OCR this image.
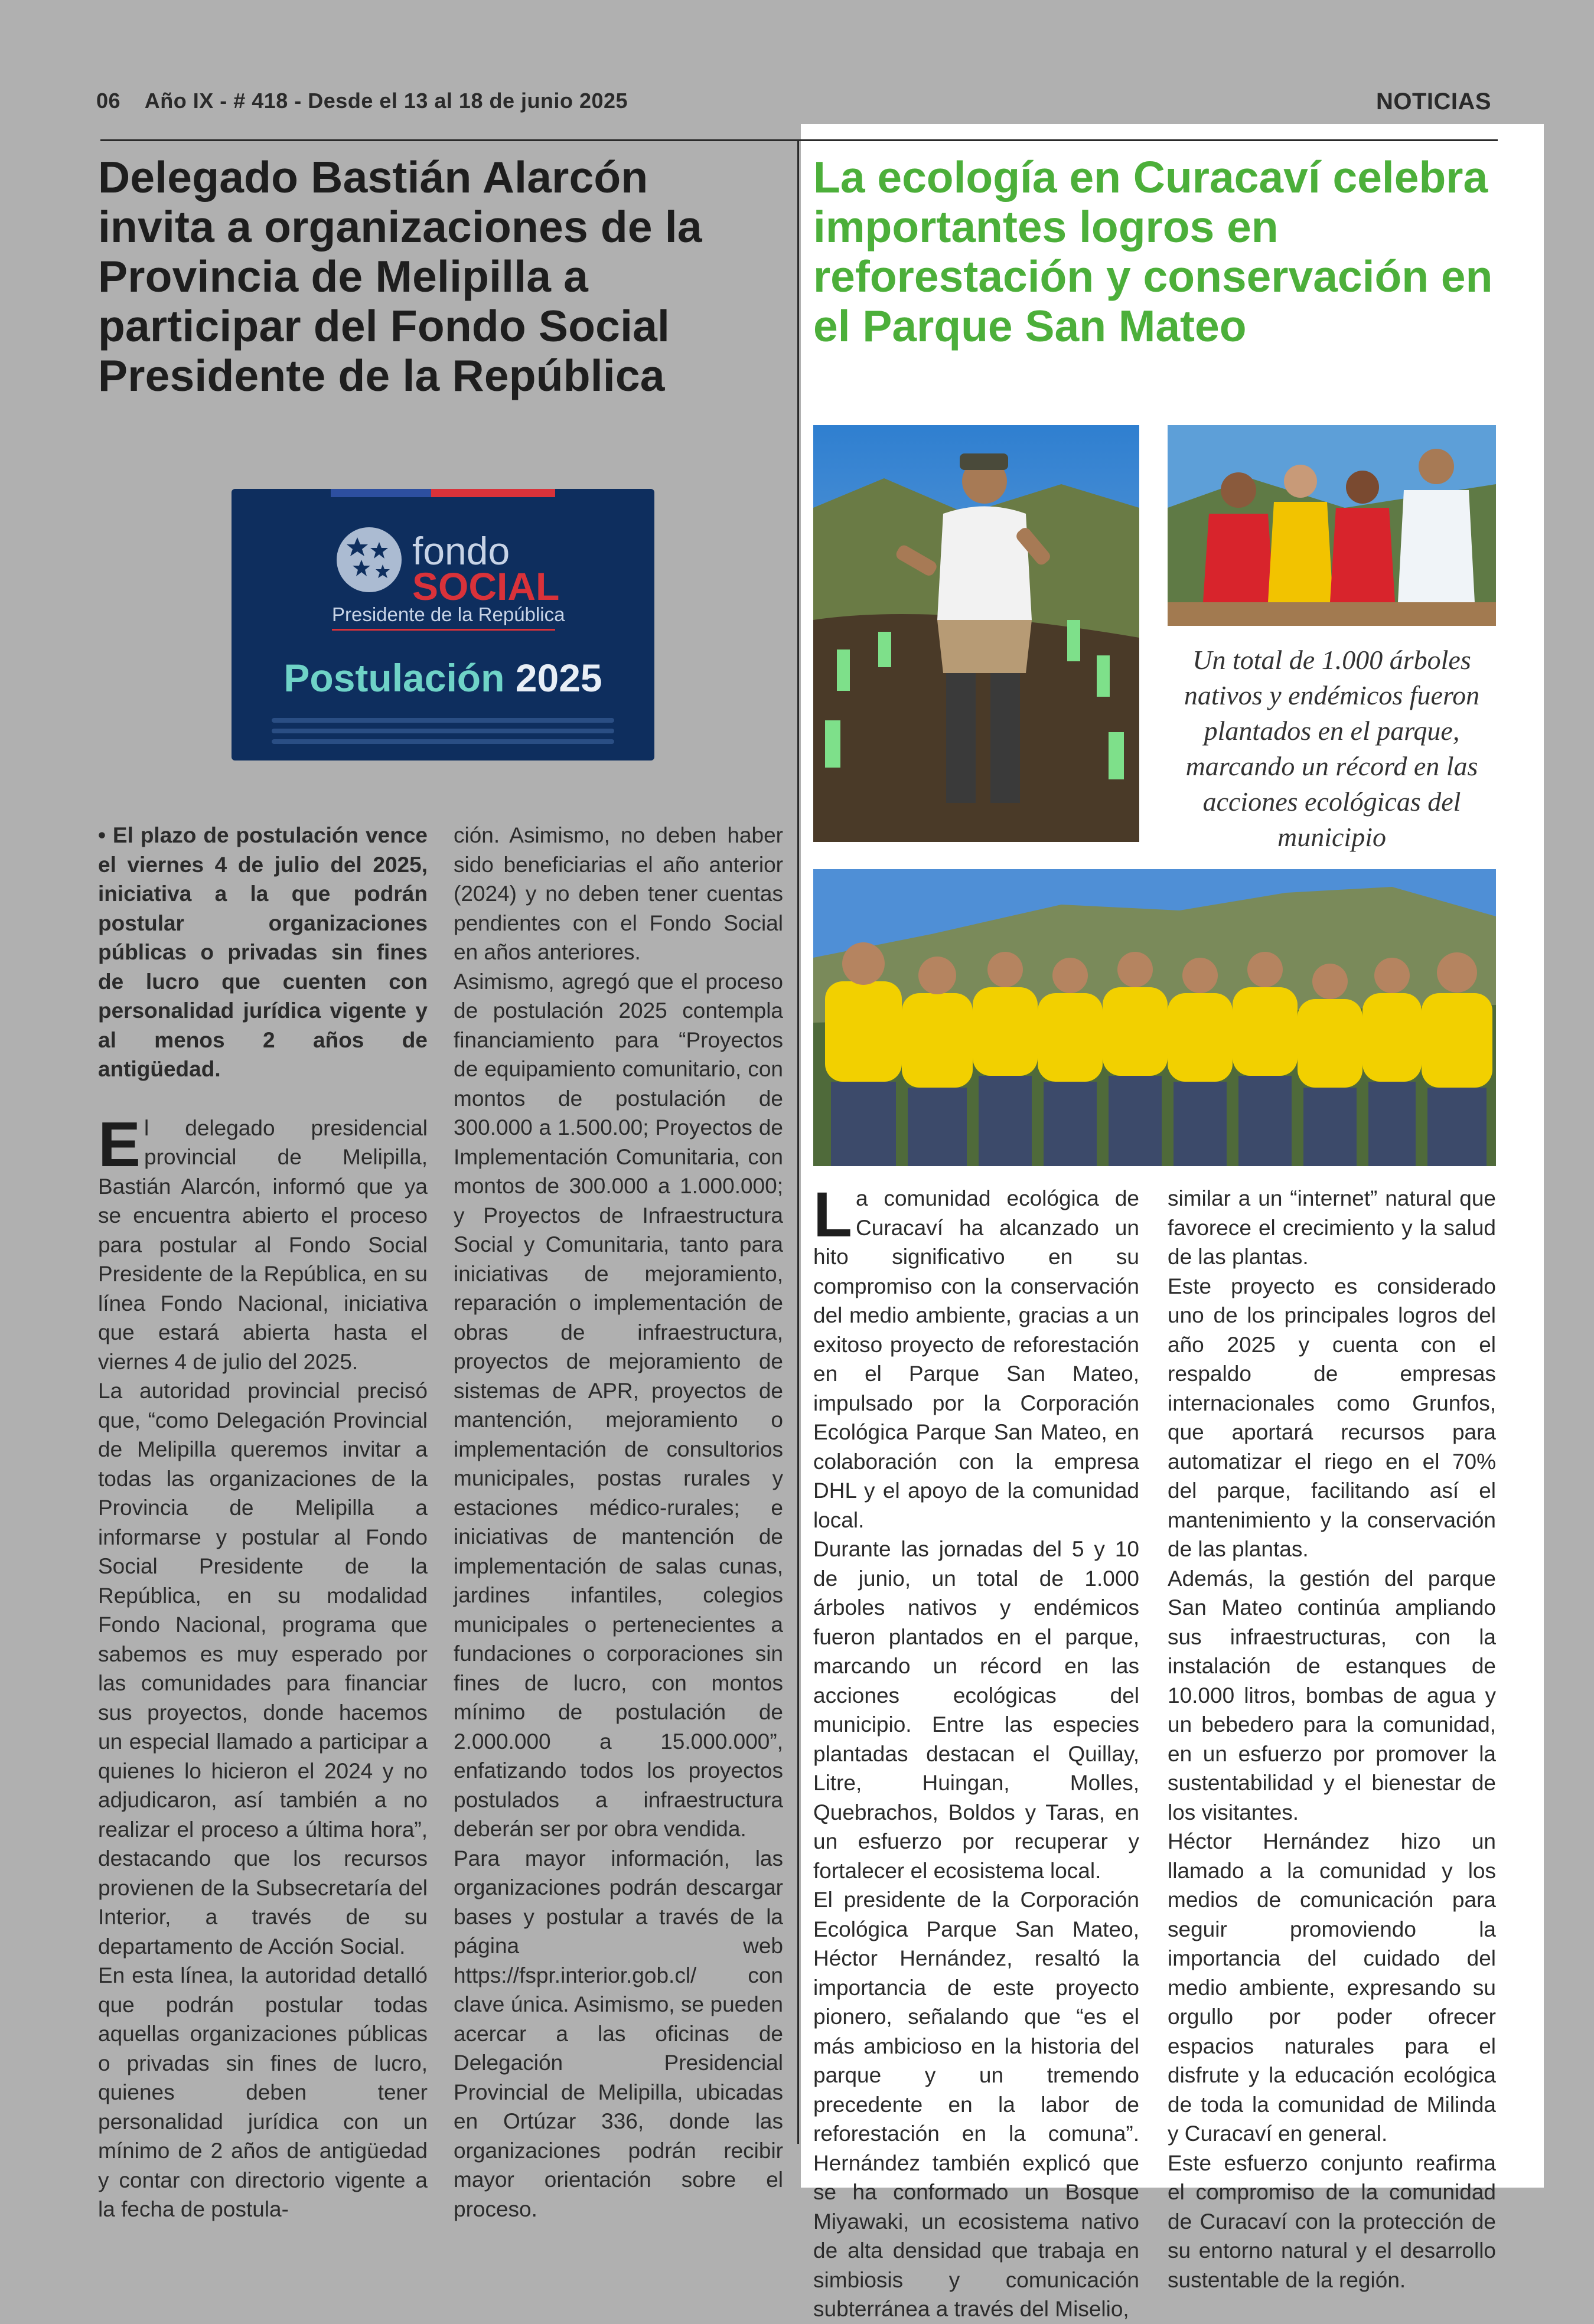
06    Año IX - # 418 - Desde el 13 al 18 de junio 2025	NOTICIAS
Delegado Bastián Alarcón invita a organizaciones de la Provincia de Melipilla a participar del Fondo Social Presidente de la República
fondo
SOCIAL
Presidente de la República
Postulación 2025

• El plazo de postulación vence el viernes 4 de julio del 2025, iniciativa a la que podrán postular organizaciones públicas o privadas sin fines de lucro que cuenten con personalidad jurídica vigente y al menos 2 años de antigüedad.

El delegado presidencial provincial de Melipilla, Bastián Alarcón, informó que ya se encuentra abierto el proceso para postular al Fondo Social Presidente de la República, en su línea Fondo Nacional, iniciativa que estará abierta hasta el viernes 4 de julio del 2025.

La autoridad provincial precisó que, “como Delegación Provincial de Melipilla queremos invitar a todas las organizaciones de la Provincia de Melipilla a informarse y postular al Fondo Social Presidente de la República, en su modalidad Fondo Nacional, programa que sabemos es muy esperado por las comunidades para financiar sus proyectos, donde hacemos un especial llamado a participar a quienes lo hicieron el 2024 y no adjudicaron, así también a no realizar el proceso a última hora”, destacando que los recursos provienen de la Subsecretaría del Interior, a través de su departamento de Acción Social.

En esta línea, la autoridad detalló que podrán postular todas aquellas organizaciones públicas o privadas sin fines de lucro, quienes deben tener personalidad jurídica con un mínimo de 2 años de antigüedad y contar con directorio vigente a la fecha de postula-

ción. Asimismo, no deben haber sido beneficiarias el año anterior (2024) y no deben tener cuentas pendientes con el Fondo Social en años anteriores.

Asimismo, agregó que el proceso de postulación 2025 contempla financiamiento para “Proyectos de equipamiento comunitario, con montos de postulación de 300.000 a 1.500.00; Proyectos de Implementación Comunitaria, con montos de 300.000 a 1.000.000; y Proyectos de Infraestructura Social y Comunitaria, tanto para iniciativas de mejoramiento, reparación o implementación de obras de infraestructura, proyectos de mejoramiento de sistemas de APR, proyectos de mantención, mejoramiento o implementación de consultorios municipales, postas rurales y estaciones médico-rurales; e iniciativas de mantención de implementación de salas cunas, jardines infantiles, colegios municipales o pertenecientes a fundaciones o corporaciones sin fines de lucro, con montos mínimo de postulación de 2.000.000 a 15.000.000”, enfatizando todos los proyectos postulados a infraestructura deberán ser por obra vendida.

Para mayor información, las organizaciones podrán descargar bases y postular a través de la página web https://fspr.interior.gob.cl/ con clave única. Asimismo, se pueden acercar a las oficinas de Delegación Presidencial Provincial de Melipilla, ubicadas en Ortúzar 336, donde las organizaciones podrán recibir mayor orientación sobre el proceso.

La ecología en Curacaví celebra importantes logros en reforestación y conservación en el Parque San Mateo
Un total de 1.000 árboles nativos y endémicos fueron plantados en el parque, marcando un récord en las acciones ecológicas del municipio

La comunidad ecológica de Curacaví ha alcanzado un hito significativo en su compromiso con la conservación del medio ambiente, gracias a un exitoso proyecto de reforestación en el Parque San Mateo, impulsado por la Corporación Ecológica Parque San Mateo, en colaboración con la empresa DHL y el apoyo de la comunidad local.

Durante las jornadas del 5 y 10 de junio, un total de 1.000 árboles nativos y endémicos fueron plantados en el parque, marcando un récord en las acciones ecológicas del municipio. Entre las especies plantadas destacan el Quillay, Litre, Huingan, Molles, Quebrachos, Boldos y Taras, en un esfuerzo por recuperar y fortalecer el ecosistema local.

El presidente de la Corporación Ecológica Parque San Mateo, Héctor Hernández, resaltó la importancia de este proyecto pionero, señalando que “es el más ambicioso en la historia del parque y un tremendo precedente en la labor de reforestación en la comuna”. Hernández también explicó que se ha conformado un Bosque Miyawaki, un ecosistema nativo de alta densidad que trabaja en simbiosis y comunicación subterránea a través del Miselio,

similar a un “internet” natural que favorece el crecimiento y la salud de las plantas.

Este proyecto es considerado uno de los principales logros del año 2025 y cuenta con el respaldo de empresas internacionales como Grunfos, que aportará recursos para automatizar el riego en el 70% del parque, facilitando así el mantenimiento y la conservación de las plantas.

Además, la gestión del parque San Mateo continúa ampliando sus infraestructuras, con la instalación de estanques de 10.000 litros, bombas de agua y un bebedero para la comunidad, en un esfuerzo por promover la sustentabilidad y el bienestar de los visitantes.

Héctor Hernández hizo un llamado a la comunidad y los medios de comunicación para seguir promoviendo la importancia del cuidado del medio ambiente, expresando su orgullo por poder ofrecer espacios naturales para el disfrute y la educación ecológica de toda la comunidad de Milinda y Curacaví en general.

Este esfuerzo conjunto reafirma el compromiso de la comunidad de Curacaví con la protección de su entorno natural y el desarrollo sustentable de la región.
